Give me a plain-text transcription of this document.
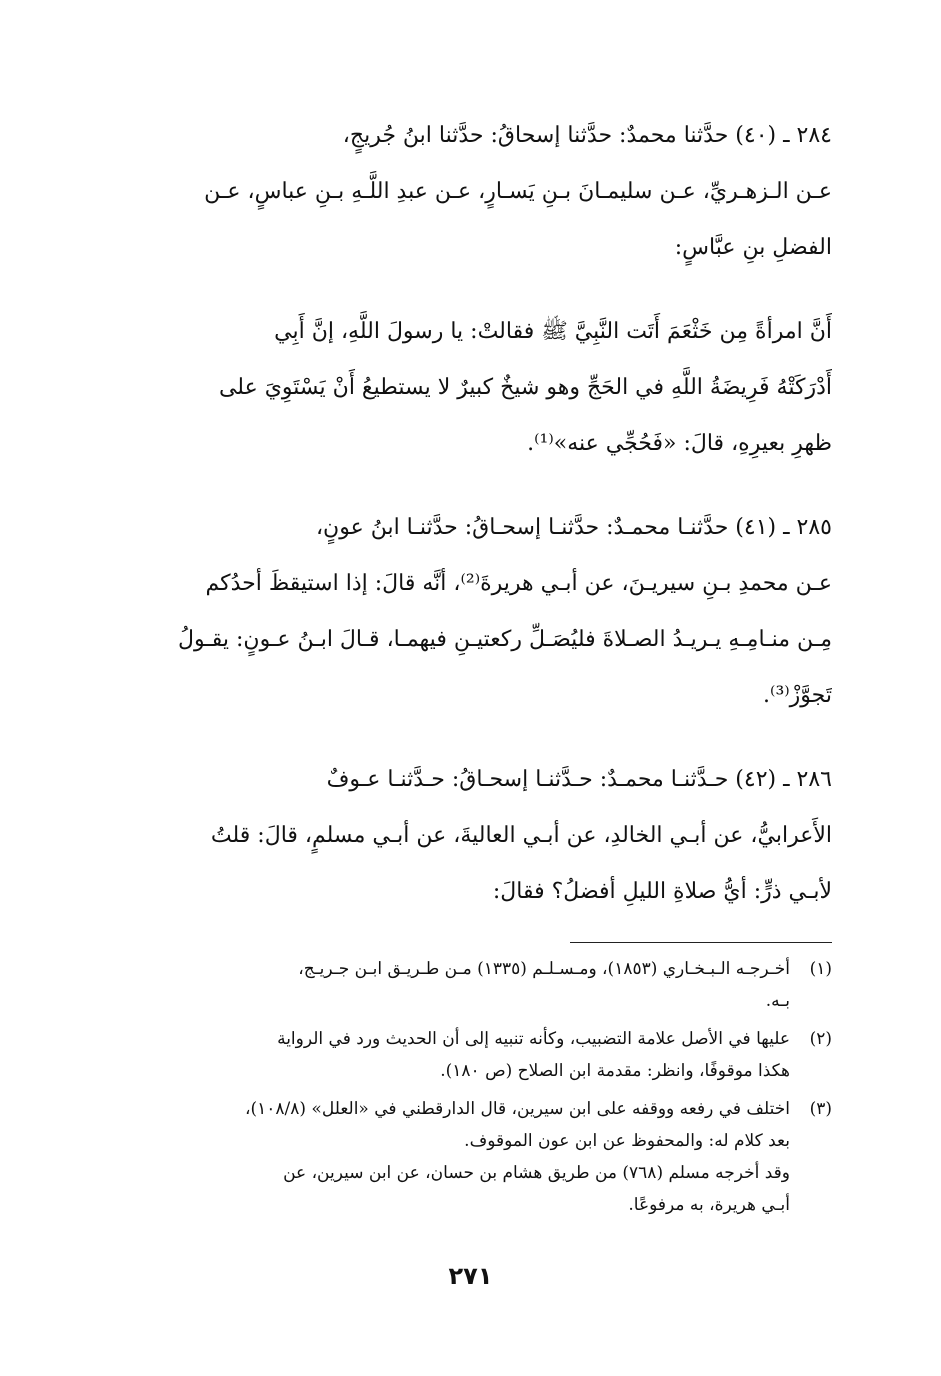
٢٨٤ ـ (٤٠) حدَّثنا محمدٌ: حدَّثنا إسحاقُ: حدَّثنا ابنُ جُريجٍ،
عـن الـزهـريِّ، عـن سليمـانَ بـنِ يَسـارٍ، عـن عبدِ اللَّـهِ بـنِ عباسٍ، عـن
الفضلِ بنِ عبَّاسٍ:
أَنَّ امرأةً مِن خَثْعَمَ أَتَت النَّبِيَّ ﷺ فقالتْ: يا رسولَ اللَّهِ، إنَّ أَبِي
أَدْرَكَتْهُ فَرِيضَةُ اللَّهِ في الحَجِّ وهو شيخٌ كبيرٌ لا يستطيعُ أَنْ يَسْتَوِيَ على
ظهرِ بعيرِهِ، قالَ: «فَحُجِّي عنه»⁽¹⁾.
٢٨٥ ـ (٤١) حدَّثنـا محمـدٌ: حدَّثنـا إسحـاقُ: حدَّثنـا ابنُ عونٍ،
عـن محمدِ بـنِ سيريـنَ، عن أبـي هريرةَ⁽²⁾، أنَّه قالَ: إذا استيقظَ أحدُكم
مِـن منـامِـهِ يـريـدُ الصـلاةَ فليُصَـلِّ ركعتيـنِ فيهمـا، قـالَ ابـنُ عـونٍ: يقـولُ
تَجوَّزْ⁽³⁾.
٢٨٦ ـ (٤٢) حـدَّثنـا محمـدٌ: حـدَّثنـا إسحـاقُ: حـدَّثنـا عـوفٌ
الأَعرابيُّ، عن أبـي الخالدِ، عن أبـي العاليةَ، عن أبـي مسلمٍ، قالَ: قلتُ
لأبـي ذرٍّ: أيُّ صلاةِ الليلِ أفضلُ؟ فقالَ:
(١)
أخـرجـه الـبـخـاري (١٨٥٣)، ومـسـلـم (١٣٣٥) مـن طـريـق ابـن جـريـج،
بـه.
(٢)
عليها في الأصل علامة التضبيب، وكأنه تنبيه إلى أن الحديث ورد في الرواية
هكذا موقوفًا، وانظر: مقدمة ابن الصلاح (ص ١٨٠).
(٣)
اختلف في رفعه ووقفه على ابن سيرين، قال الدارقطني في «العلل» (١٠٨/٨)،
بعد كلام له: والمحفوظ عن ابن عون الموقوف.
وقد أخرجه مسلم (٧٦٨) من طريق هشام بن حسان، عن ابن سيرين، عن
أبـي هريرة، به مرفوعًا.
٢٧١
